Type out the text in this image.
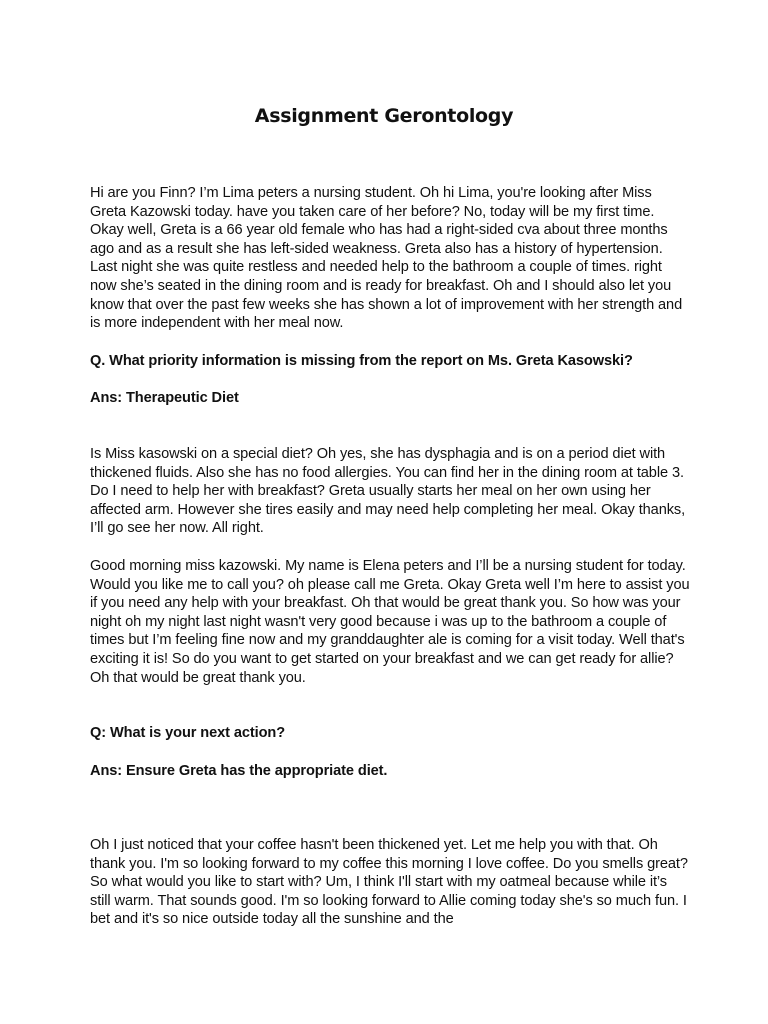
Assignment Gerontology

Hi are you Finn? I’m Lima peters a nursing student. Oh hi Lima, you're looking after Miss Greta Kazowski today. have you taken care of her before? No, today will be my first time. Okay well, Greta is a 66 year old female who has had a right-sided cva about three months ago and as a result she has left-sided weakness. Greta also has a history of hypertension. Last night she was quite restless and needed help to the bathroom a couple of times. right now she’s seated in the dining room and is ready for breakfast. Oh and I should also let you know that over the past few weeks she has shown a lot of improvement with her strength and is more independent with her meal now.

Q. What priority information is missing from the report on Ms. Greta Kasowski?

Ans: Therapeutic Diet

Is Miss kasowski on a special diet? Oh yes, she has dysphagia and is on a period diet with thickened fluids. Also she has no food allergies. You can find her in the dining room at table 3. Do I need to help her with breakfast? Greta usually starts her meal on her own using her affected arm. However she tires easily and may need help completing her meal. Okay thanks, I’ll go see her now. All right.

Good morning miss kazowski. My name is Elena peters and I’ll be a nursing student for today. Would you like me to call you? oh please call me Greta. Okay Greta well I’m here to assist you if you need any help with your breakfast. Oh that would be great thank you. So how was your night oh my night last night wasn't very good because i was up to the bathroom a couple of times but I’m feeling fine now and my granddaughter ale is coming for a visit today. Well that's exciting it is! So do you want to get started on your breakfast and we can get ready for allie? Oh that would be great thank you.

Q: What is your next action?

Ans: Ensure Greta has the appropriate diet.

Oh I just noticed that your coffee hasn't been thickened yet. Let me help you with that. Oh thank you. I'm so looking forward to my coffee this morning I love coffee. Do you smells great? So what would you like to start with? Um, I think I'll start with my oatmeal because while it’s still warm. That sounds good. I'm so looking forward to Allie coming today she's so much fun. I bet and it's so nice outside today all the sunshine and the
